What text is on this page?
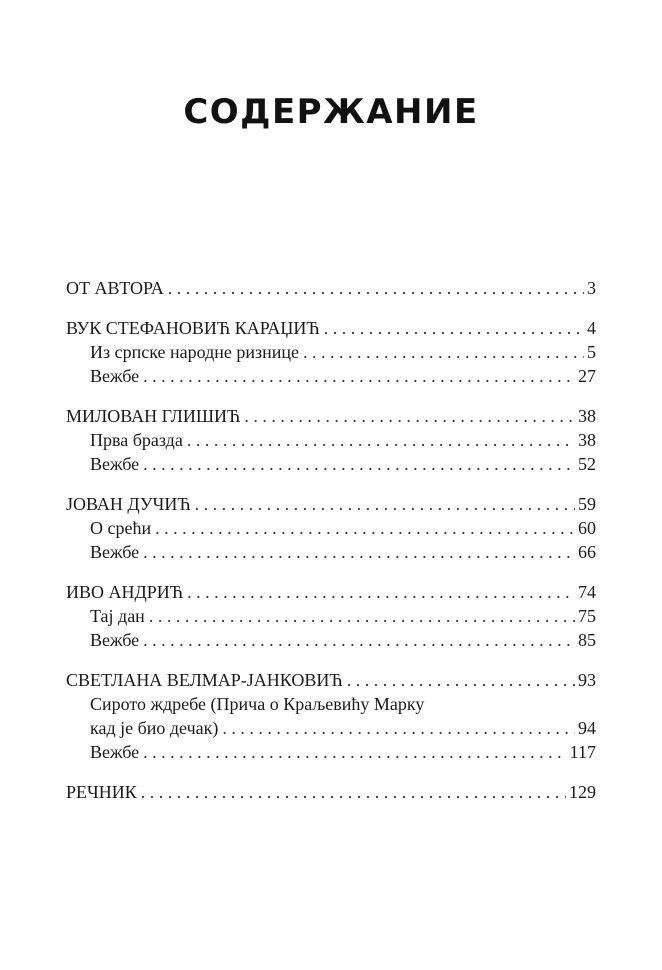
СОДЕРЖАНИЕ
ОТ АВТОРА . . .	3
ВУК СТЕФАНОВИЋ КАРАЏИЋ . . .	4
Из српске народне ризнице . . .	5
Вежбе . . .	27
МИЛОВАН ГЛИШИЋ . . .	38
Прва бразда . . .	38
Вежбе . . .	52
ЈОВАН ДУЧИЋ . . .	59
О срећи . . .	60
Вежбе . . .	66
ИВО АНДРИЋ . . .	74
Тај дан . . .	75
Вежбе . . .	85
СВЕТЛАНА ВЕЛМАР-ЈАНКОВИЋ . . .	93
Сирото ждребе (Прича о Краљевићу Марку
кад је био дечак) . . .	94
Вежбе . . .	117
РЕЧНИК . . .	129
